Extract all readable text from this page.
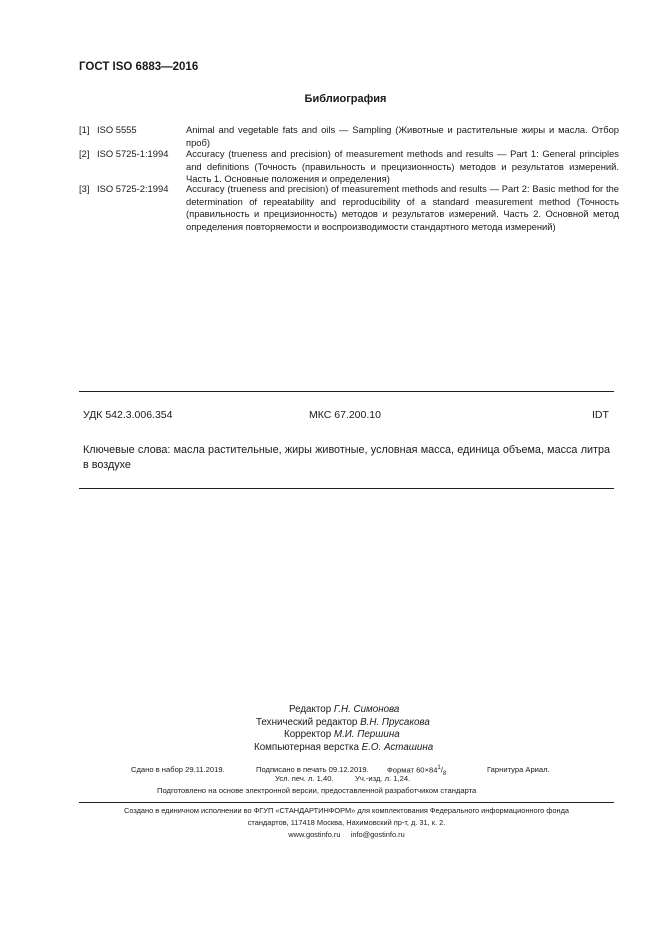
ГОСТ ISO 6883—2016
Библиография
[1] ISO 5555	Animal and vegetable fats and oils — Sampling (Животные и растительные жиры и масла. Отбор проб)
[2] ISO 5725-1:1994 Accuracy (trueness and precision) of measurement methods and results — Part 1: General principles and definitions (Точность (правильность и прецизионность) методов и результатов измерений. Часть 1. Основные положения и определения)
[3] ISO 5725-2:1994 Accuracy (trueness and precision) of measurement methods and results — Part 2: Basic method for the determination of repeatability and reproducibility of a standard measurement method (Точность (правильность и прецизионность) методов и результатов измерений. Часть 2. Основной метод определения повторяемости и воспроизводимости стандартного метода измерений)
УДК 542.3.006.354	МКС 67.200.10	IDT
Ключевые слова: масла растительные, жиры животные, условная масса, единица объема, масса литра в воздухе
Редактор Г.Н. Симонова
Технический редактор В.Н. Прусакова
Корректор М.И. Першина
Компьютерная верстка Е.О. Асташина
Сдано в набор 29.11.2019.	Подписано в печать 09.12.2019. Формат $60\times 84^1/_8$
Гарнитура Ариал.
Усл. печ. л. 1,40.	Уч.-изд. л. 1,24.
Подготовлено на основе электронной версии, предоставленной разработчиком стандарта
Создано в единичном исполнении во ФГУП «СТАНДАРТИНФОРМ» для комплектования Федерального информационного фонда
стандартов, 117418 Москва, Нахимовский пр-т, д. 31, к. 2.
www.gostinfo.ru info@gostinfo.ru
